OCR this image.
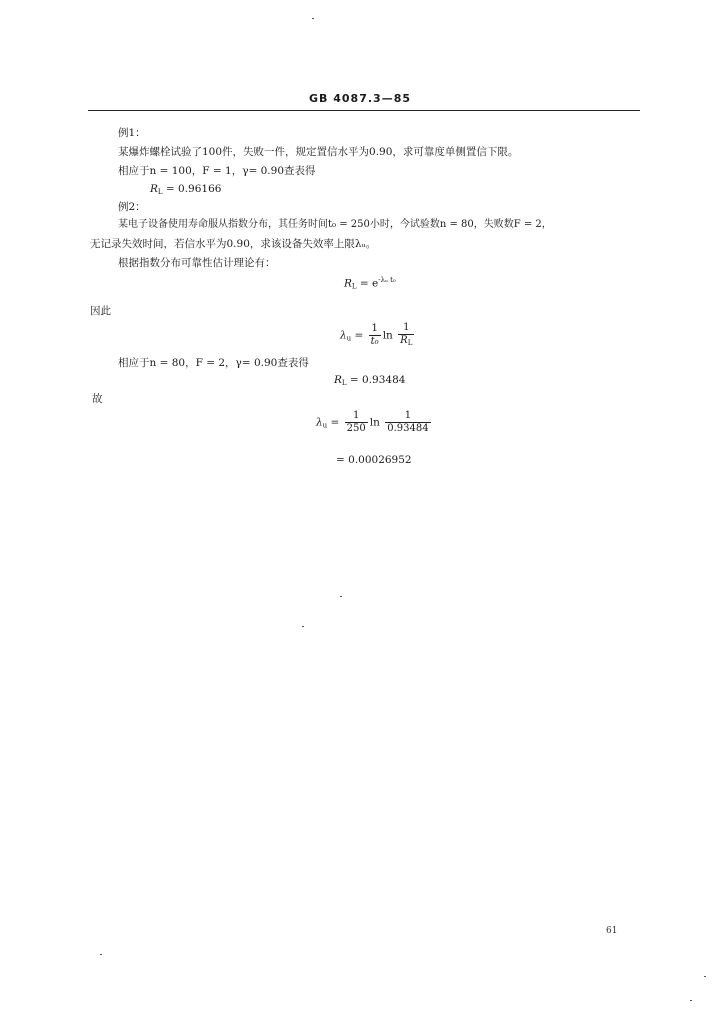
GB 4087.3—85
例1：
某爆炸螺栓试验了100件，失败一件，规定置信水平为0.90，求可靠度单侧置信下限。
相应于n = 100，F = 1，γ= 0.90查表得
$R_L = 0.96166$
例2：
某电子设备使用寿命服从指数分布，其任务时间t₀ = 250小时，今试验数n = 80，失败数F = 2，
无记录失效时间，若信水平为0.90，求该设备失效率上限λᵤ。
根据指数分布可靠性估计理论有：
$R_L = e^{-\lambda ᵤ t_0}$
因此
$\lambda_u = \frac{1}{\text{t₀}}$ $\ln \frac{1}{R_L}$
相应于n = 80，F = 2，γ= 0.90查表得
$R_L = 0.93484$
故
$\lambda_u = \frac{1}{250}$ $\ln \frac{1}{0.93484}$
= 0.00026952
61
